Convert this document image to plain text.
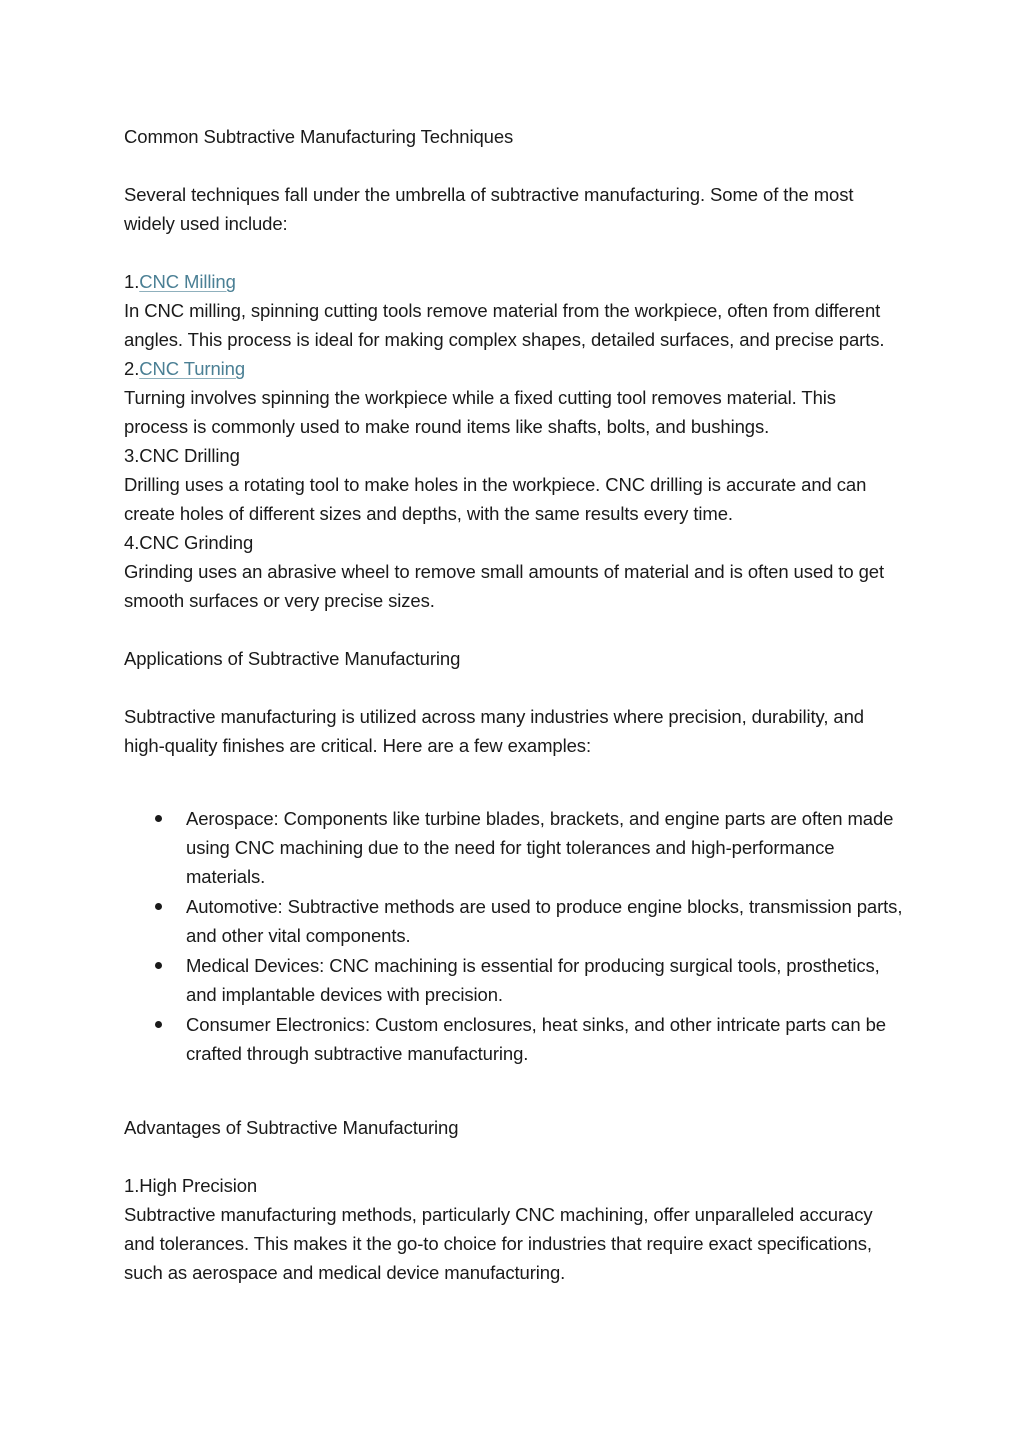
Common Subtractive Manufacturing Techniques

Several techniques fall under the umbrella of subtractive manufacturing. Some of the most widely used include:

1.CNC Milling

In CNC milling, spinning cutting tools remove material from the workpiece, often from different angles. This process is ideal for making complex shapes, detailed surfaces, and precise parts.

2.CNC Turning

Turning involves spinning the workpiece while a fixed cutting tool removes material. This process is commonly used to make round items like shafts, bolts, and bushings.

3.CNC Drilling

Drilling uses a rotating tool to make holes in the workpiece. CNC drilling is accurate and can create holes of different sizes and depths, with the same results every time.

4.CNC Grinding

Grinding uses an abrasive wheel to remove small amounts of material and is often used to get smooth surfaces or very precise sizes.

Applications of Subtractive Manufacturing

Subtractive manufacturing is utilized across many industries where precision, durability, and high-quality finishes are critical. Here are a few examples:

Aerospace: Components like turbine blades, brackets, and engine parts are often made using CNC machining due to the need for tight tolerances and high-performance materials.
Automotive: Subtractive methods are used to produce engine blocks, transmission parts, and other vital components.
Medical Devices: CNC machining is essential for producing surgical tools, prosthetics, and implantable devices with precision.
Consumer Electronics: Custom enclosures, heat sinks, and other intricate parts can be crafted through subtractive manufacturing.

Advantages of Subtractive Manufacturing

1.High Precision

Subtractive manufacturing methods, particularly CNC machining, offer unparalleled accuracy and tolerances. This makes it the go-to choice for industries that require exact specifications, such as aerospace and medical device manufacturing.
